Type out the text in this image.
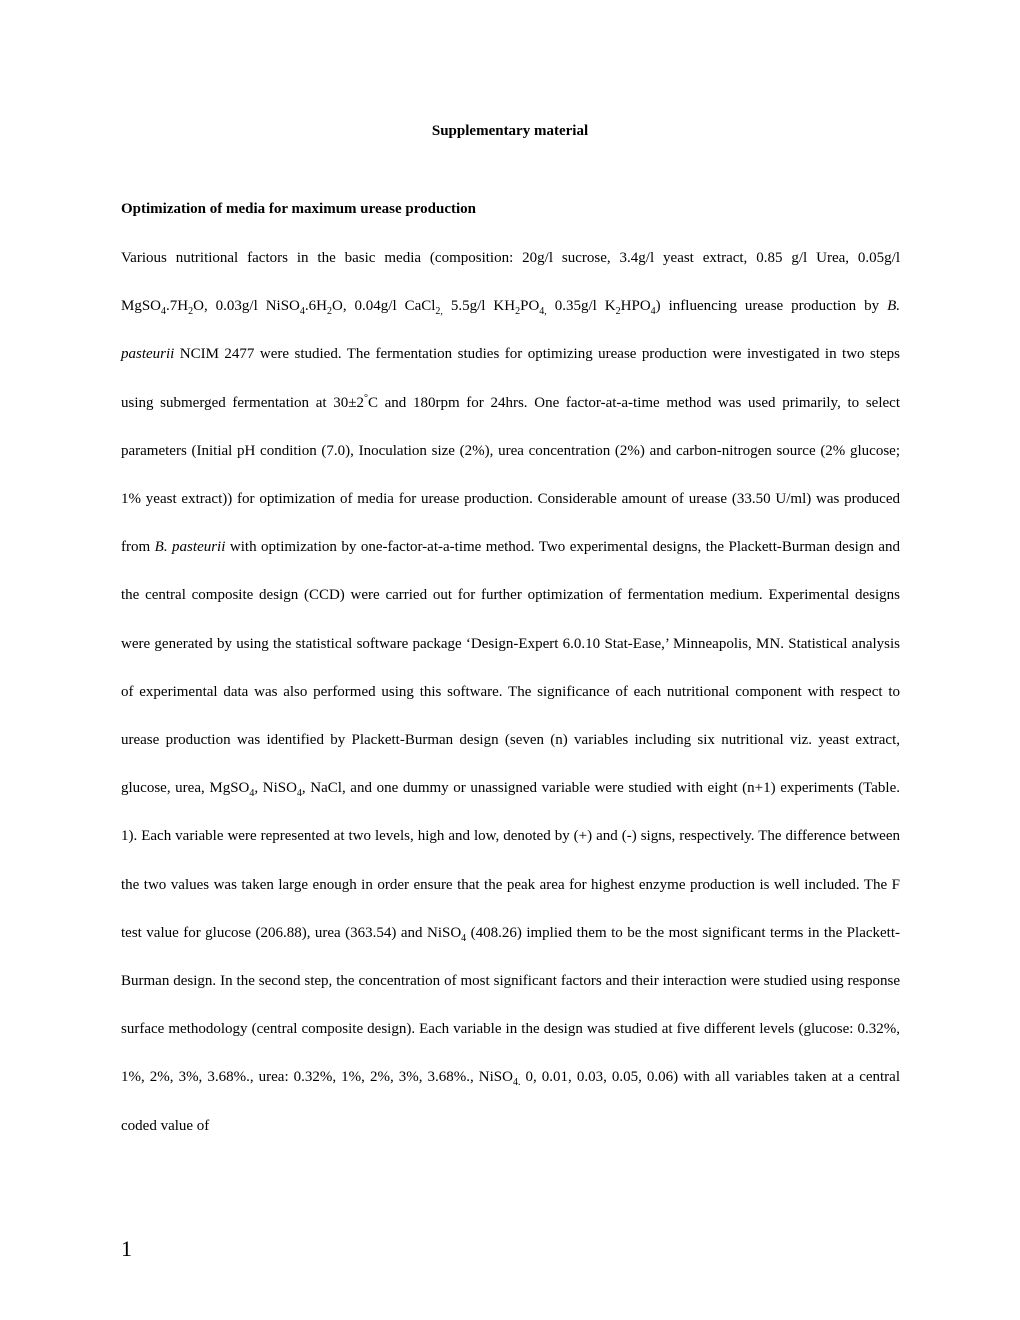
Supplementary material
Optimization of media for maximum urease production

Various nutritional factors in the basic media (composition: 20g/l sucrose, 3.4g/l yeast extract, 0.85 g/l Urea, 0.05g/l $MgSO_4.7H_2O$, 0.03g/l $NiSO_4.6H_2O$, 0.04g/l CaCl$_{2,}$ 5.5g/l $KH_2PO_{4,}$ 0.35g/l $K_2HPO_4$) influencing urease production by B. pasteurii NCIM 2477 were studied. The fermentation studies for optimizing urease production were investigated in two steps using submerged fermentation at 30±2°C and 180rpm for 24hrs. One factor-at-a-time method was used primarily, to select parameters (Initial pH condition (7.0), Inoculation size (2%), urea concentration (2%) and carbon-nitrogen source (2% glucose; 1% yeast extract)) for optimization of media for urease production. Considerable amount of urease (33.50 U/ml) was produced from B. pasteurii with optimization by one-factor-at-a-time method. Two experimental designs, the Plackett-Burman design and the central composite design (CCD) were carried out for further optimization of fermentation medium. Experimental designs were generated by using the statistical software package ‘Design-Expert 6.0.10 Stat-Ease,’ Minneapolis, MN. Statistical analysis of experimental data was also performed using this software. The significance of each nutritional component with respect to urease production was identified by Plackett-Burman design (seven (n) variables including six nutritional viz. yeast extract, glucose, urea, MgSO$_4$, NiSO$_4$, NaCl, and one dummy or unassigned variable were studied with eight (n+1) experiments (Table. 1). Each variable were represented at two levels, high and low, denoted by (+) and (-) signs, respectively. The difference between the two values was taken large enough in order ensure that the peak area for highest enzyme production is well included. The F test value for glucose (206.88), urea (363.54) and NiSO$_4$ (408.26) implied them to be the most significant terms in the Plackett-Burman design. In the second step, the concentration of most significant factors and their interaction were studied using response surface methodology (central composite design). Each variable in the design was studied at five different levels (glucose: 0.32%, 1%, 2%, 3%, 3.68%., urea: 0.32%, 1%, 2%, 3%, 3.68%., NiSO$_{4.}$ 0, 0.01, 0.03, 0.05, 0.06) with all variables taken at a central coded value of

1
